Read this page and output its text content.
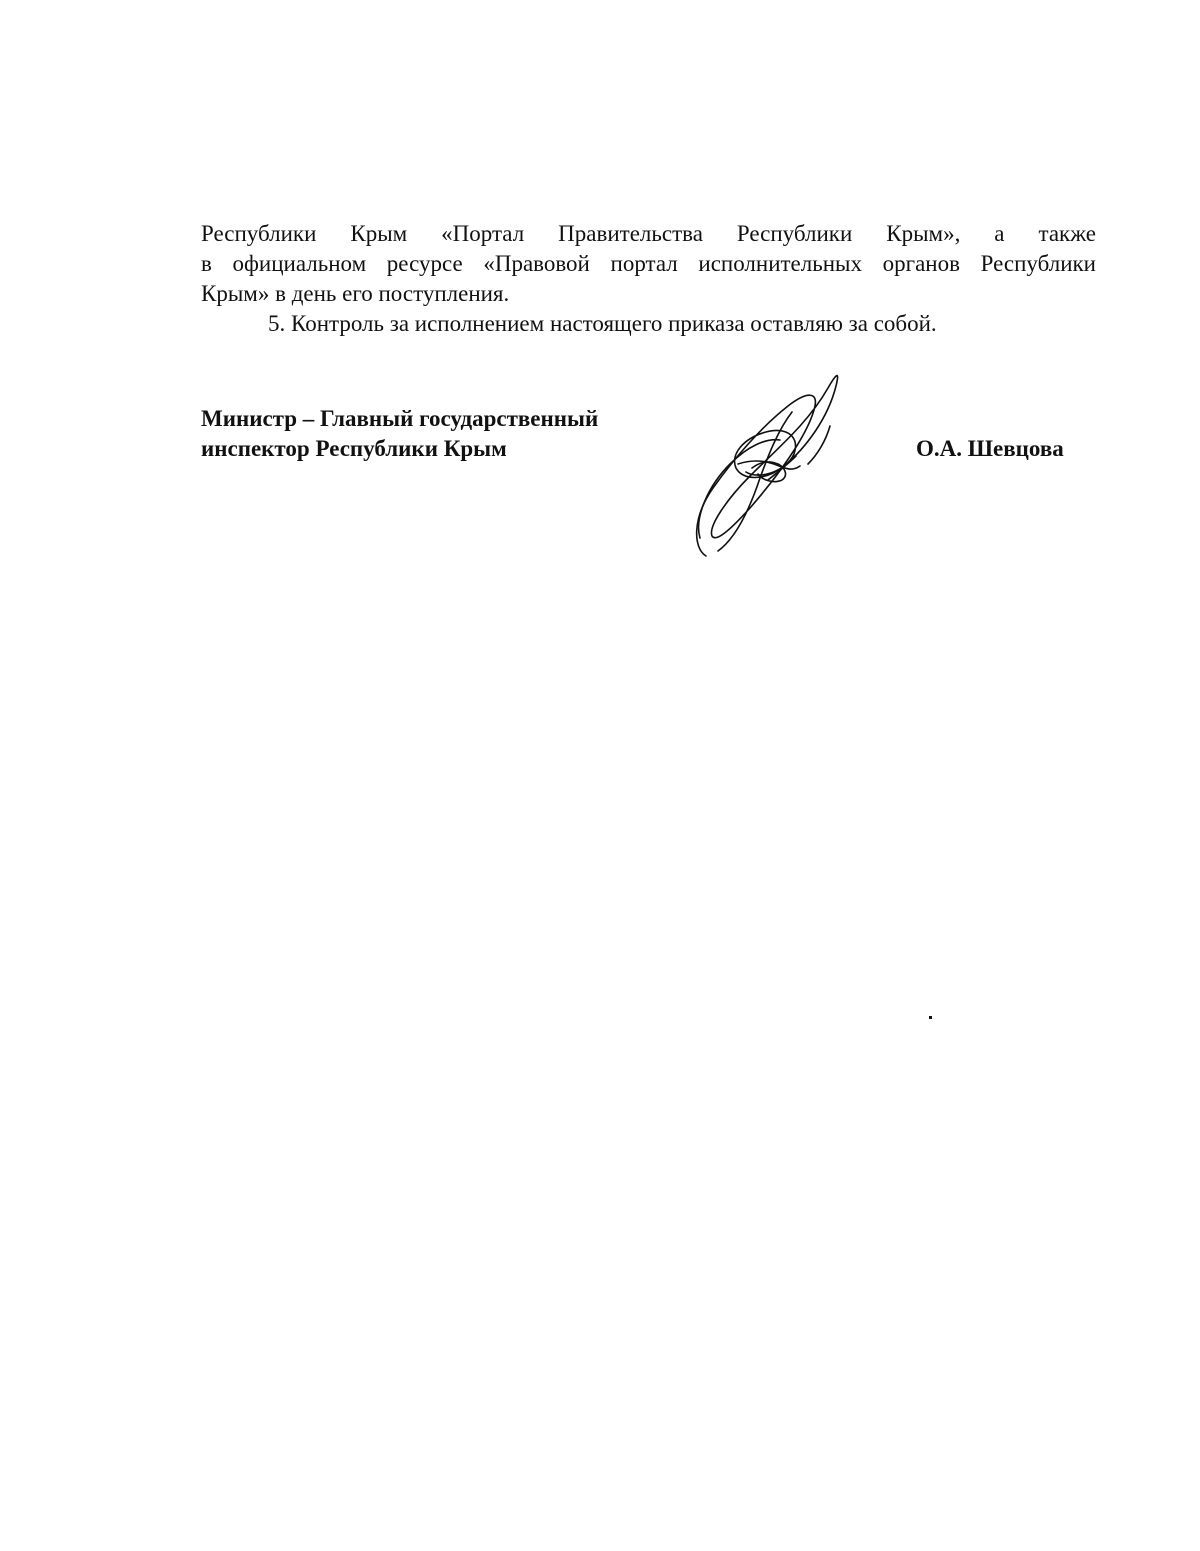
Республики Крым «Портал Правительства Республики Крым», а также
в официальном ресурсе «Правовой портал исполнительных органов Республики
Крым» в день его поступления.

5. Контроль за исполнением настоящего приказа оставляю за собой.

Министр – Главный государственный
инспектор Республики Крым	О.А. Шевцова
